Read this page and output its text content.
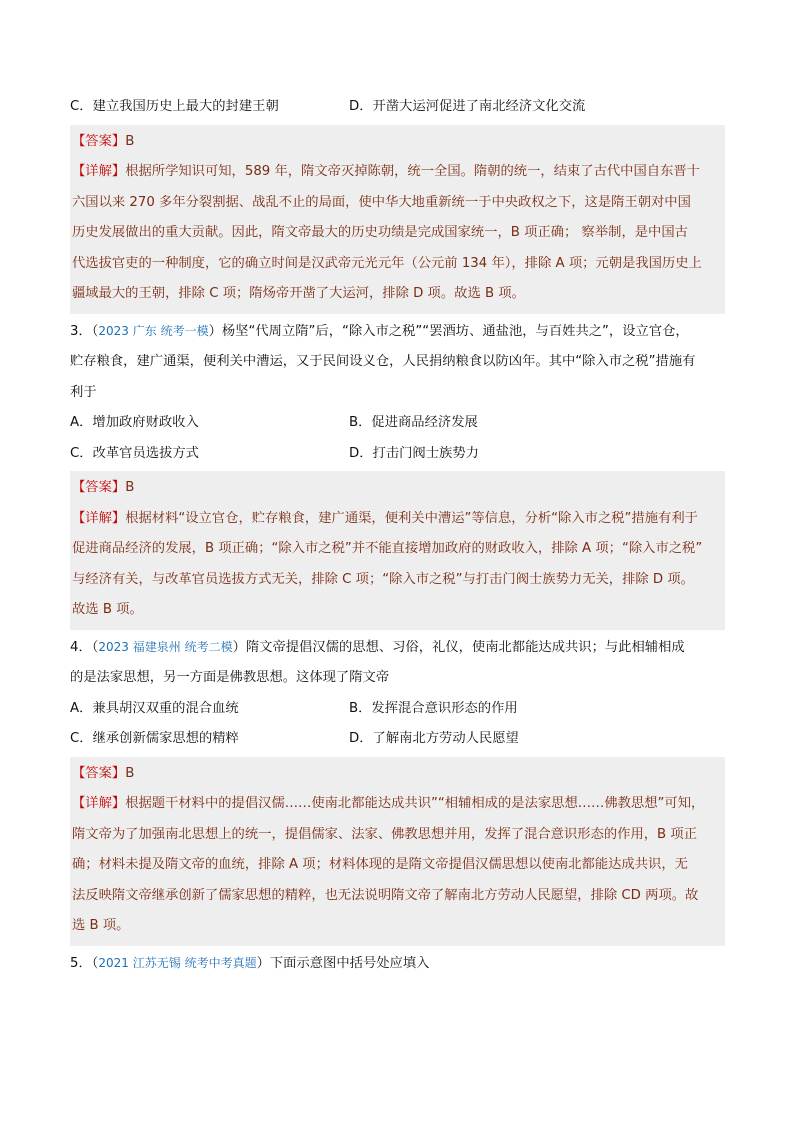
C．建立我国历史上最大的封建王朝	D．开凿大运河促进了南北经济文化交流
【答案】B
【详解】根据所学知识可知，589 年，隋文帝灭掉陈朝，统一全国。隋朝的统一，结束了古代中国自东晋十
六国以来 270 多年分裂割据、战乱不止的局面，使中华大地重新统一于中央政权之下，这是隋王朝对中国
历史发展做出的重大贡献。因此，隋文帝最大的历史功绩是完成国家统一，B 项正确； 察举制，是中国古
代选拔官吏的一种制度，它的确立时间是汉武帝元光元年（公元前 134 年），排除 A 项；元朝是我国历史上
疆域最大的王朝，排除 C 项；隋炀帝开凿了大运河，排除 D 项。故选 B 项。
3．（2023 广东 统考一模）杨坚“代周立隋”后，“除入市之税”“罢酒坊、通盐池，与百姓共之”，设立官仓，
贮存粮食，建广通渠，便利关中漕运，又于民间设义仓，人民捐纳粮食以防凶年。其中“除入市之税”措施有
利于
A．增加政府财政收入	B．促进商品经济发展
C．改革官员选拔方式	D．打击门阀士族势力
【答案】B
【详解】根据材料“设立官仓，贮存粮食，建广通渠，便利关中漕运”等信息，分析“除入市之税”措施有利于
促进商品经济的发展，B 项正确；“除入市之税”并不能直接增加政府的财政收入，排除 A 项；“除入市之税”
与经济有关，与改革官员选拔方式无关，排除 C 项；“除入市之税”与打击门阀士族势力无关，排除 D 项。
故选 B 项。
4．（2023 福建泉州 统考二模）隋文帝提倡汉儒的思想、习俗，礼仪，使南北都能达成共识；与此相辅相成
的是法家思想，另一方面是佛教思想。这体现了隋文帝
A．兼具胡汉双重的混合血统	B．发挥混合意识形态的作用
C．继承创新儒家思想的精粹	D．了解南北方劳动人民愿望
【答案】B
【详解】根据题干材料中的提倡汉儒……使南北都能达成共识”“相辅相成的是法家思想……佛教思想”可知，
隋文帝为了加强南北思想上的统一，提倡儒家、法家、佛教思想并用，发挥了混合意识形态的作用，B 项正
确；材料未提及隋文帝的血统，排除 A 项；材料体现的是隋文帝提倡汉儒思想以使南北都能达成共识，无
法反映隋文帝继承创新了儒家思想的精粹，也无法说明隋文帝了解南北方劳动人民愿望，排除 CD 两项。故
选 B 项。
5．（2021 江苏无锡 统考中考真题）下面示意图中括号处应填入
